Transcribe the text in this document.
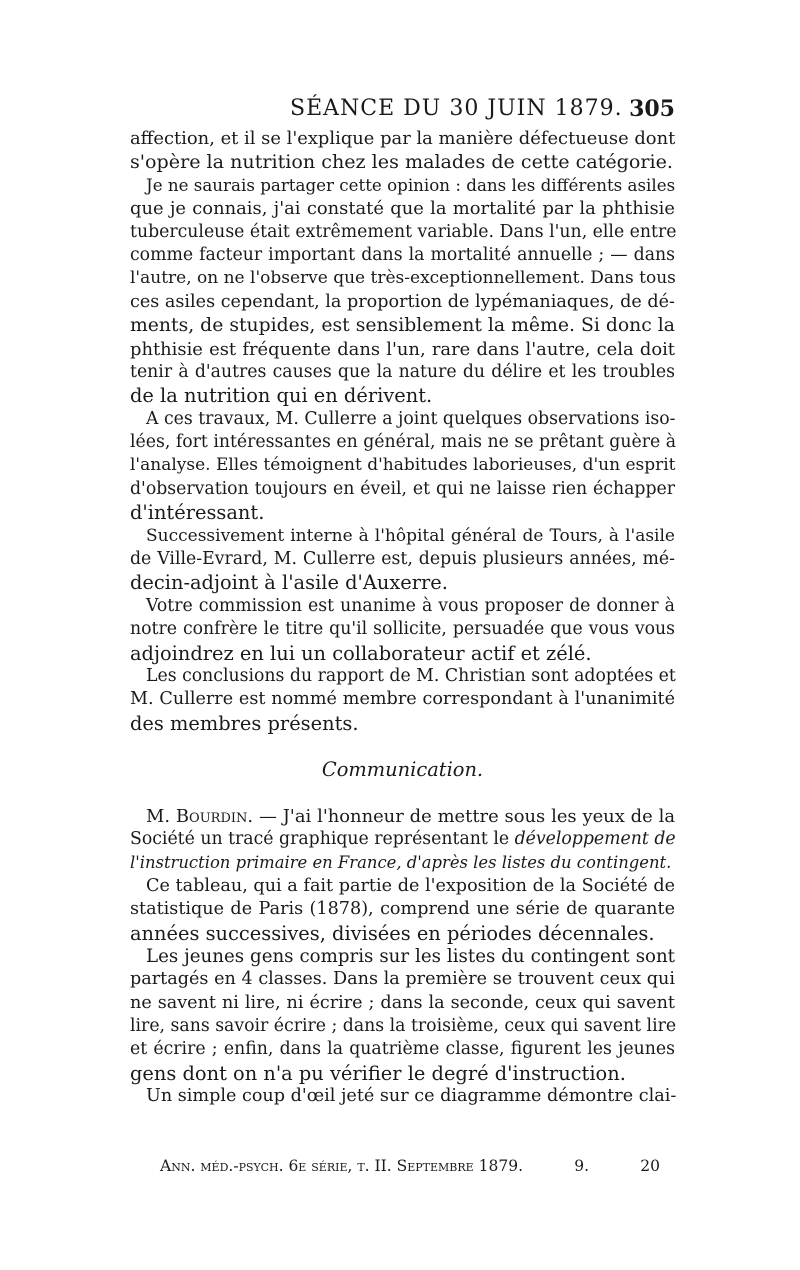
SÉANCE DU 30 JUIN 1879. 305
affection, et il se l'explique par la manière défectueuse dont
s'opère la nutrition chez les malades de cette catégorie.
Je ne saurais partager cette opinion : dans les différents asiles
que je connais, j'ai constaté que la mortalité par la phthisie
tuberculeuse était extrêmement variable. Dans l'un, elle entre
comme facteur important dans la mortalité annuelle ; — dans
l'autre, on ne l'observe que très-exceptionnellement. Dans tous
ces asiles cependant, la proportion de lypémaniaques, de dé-
ments, de stupides, est sensiblement la même. Si donc la
phthisie est fréquente dans l'un, rare dans l'autre, cela doit
tenir à d'autres causes que la nature du délire et les troubles
de la nutrition qui en dérivent.
A ces travaux, M. Cullerre a joint quelques observations iso-
lées, fort intéressantes en général, mais ne se prêtant guère à
l'analyse. Elles témoignent d'habitudes laborieuses, d'un esprit
d'observation toujours en éveil, et qui ne laisse rien échapper
d'intéressant.
Successivement interne à l'hôpital général de Tours, à l'asile
de Ville-Evrard, M. Cullerre est, depuis plusieurs années, mé-
decin-adjoint à l'asile d'Auxerre.
Votre commission est unanime à vous proposer de donner à
notre confrère le titre qu'il sollicite, persuadée que vous vous
adjoindrez en lui un collaborateur actif et zélé.
Les conclusions du rapport de M. Christian sont adoptées et
M. Cullerre est nommé membre correspondant à l'unanimité
des membres présents.
Communication.
M. Bourdin. — J'ai l'honneur de mettre sous les yeux de la
Société un tracé graphique représentant le développement de
l'instruction primaire en France, d'après les listes du contingent.
Ce tableau, qui a fait partie de l'exposition de la Société de
statistique de Paris (1878), comprend une série de quarante
années successives, divisées en périodes décennales.
Les jeunes gens compris sur les listes du contingent sont
partagés en 4 classes. Dans la première se trouvent ceux qui
ne savent ni lire, ni écrire ; dans la seconde, ceux qui savent
lire, sans savoir écrire ; dans la troisième, ceux qui savent lire
et écrire ; enfin, dans la quatrième classe, figurent les jeunes
gens dont on n'a pu vérifier le degré d'instruction.
Un simple coup d'œil jeté sur ce diagramme démontre clai-
Ann. méd.-psych. 6e série, t. II. Septembre 1879.	9.	20
